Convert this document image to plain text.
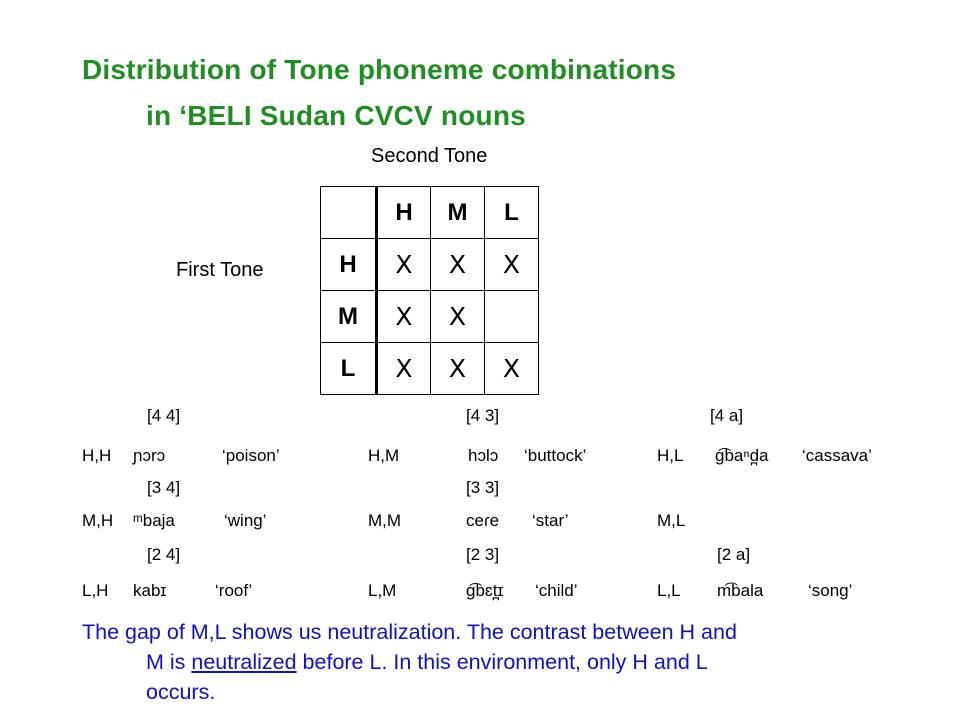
Distribution of Tone phoneme combinations
in ‘BELI Sudan CVCV nouns
Second Tone
First Tone
	H	M	L
H	X	X	X
M	X	X	
L	X	X	X
[4 4]	[4 3]	[4 a]
H,H ɲɔrɔ	‘poison’	H,M	hɔlɔ ‘buttock’	H,L g͡baⁿd̪a ‘cassava’
[3 4]	[3 3]
M,H ᵐbaja	‘wing’	M,M	ceɾe ‘star’	M,L
[2 4]	[2 3]	[2 a]
L,H kabɪ	‘roof’	L,M	g͡bɛt̪ɪ ‘child’	L,L m͡bala	‘song’
The gap of M,L shows us neutralization. The contrast between H and
M is neutralized before L. In this environment, only H and L
occurs.
